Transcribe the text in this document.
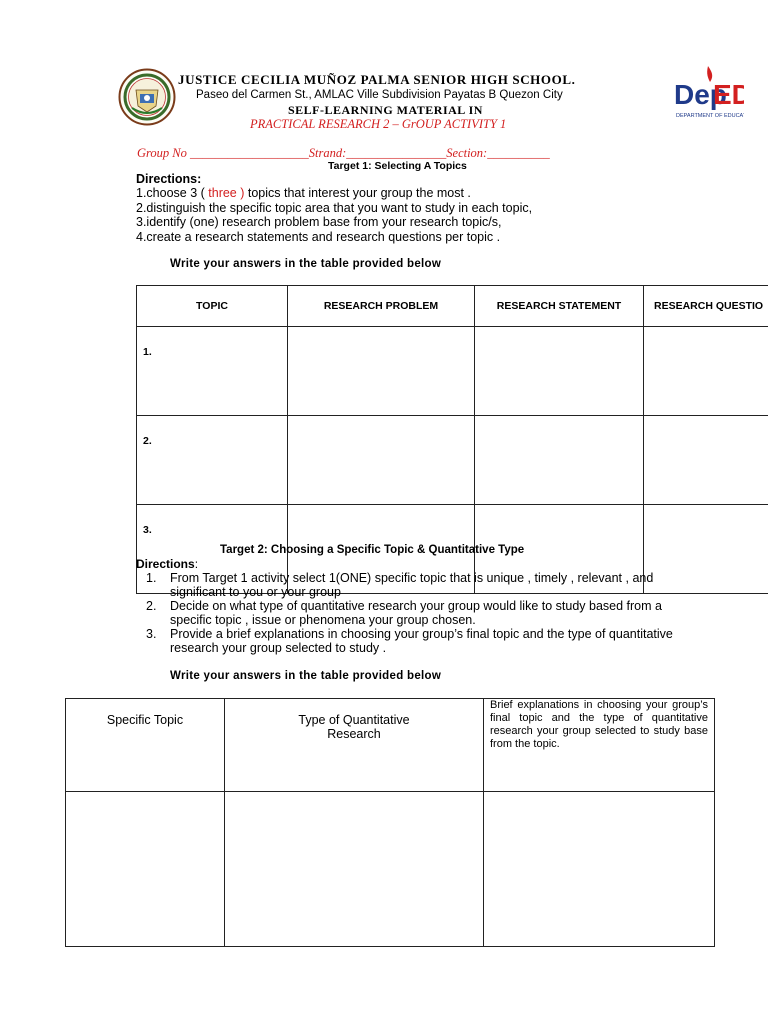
Dep
ED
DEPARTMENT OF EDUCA
JUSTICE CECILIA MUÑOZ PALMA SENIOR HIGH SCHOOL.
Paseo del Carmen St., AMLAC Ville Subdivision Payatas B Quezon City
SELF-LEARNING MATERIAL IN
PRACTICAL RESEARCH 2 – GrOUP ACTIVITY 1
Group No ___________________Strand:________________Section:__________
Target 1: Selecting A Topics
Directions:
1.choose 3 ( three ) topics that interest your group the most .
2.distinguish the specific topic area that you want to study in each topic,
3.identify (one) research problem base from your research topic/s,
4.create a research statements and research questions per topic .
Write your answers in the table provided below
TOPIC	RESEARCH PROBLEM	RESEARCH STATEMENT	RESEARCH QUESTIO
1.			
2.			
3.			
Target 2: Choosing a Specific Topic & Quantitative Type
Directions:
1. From Target 1 activity select 1(ONE) specific topic that is unique , timely , relevant , and significant to you or your group
2. Decide on what type of quantitative research your group would like to study based from a specific topic , issue or phenomena your group chosen.
3. Provide a brief explanations in choosing your group’s final topic and the type of quantitative research your group selected to study .
Write your answers in the table provided below
Specific Topic	Type of Quantitative Research	Brief explanations in choosing your group’s final topic and the type of quantitative research your group selected to study base from the topic.
